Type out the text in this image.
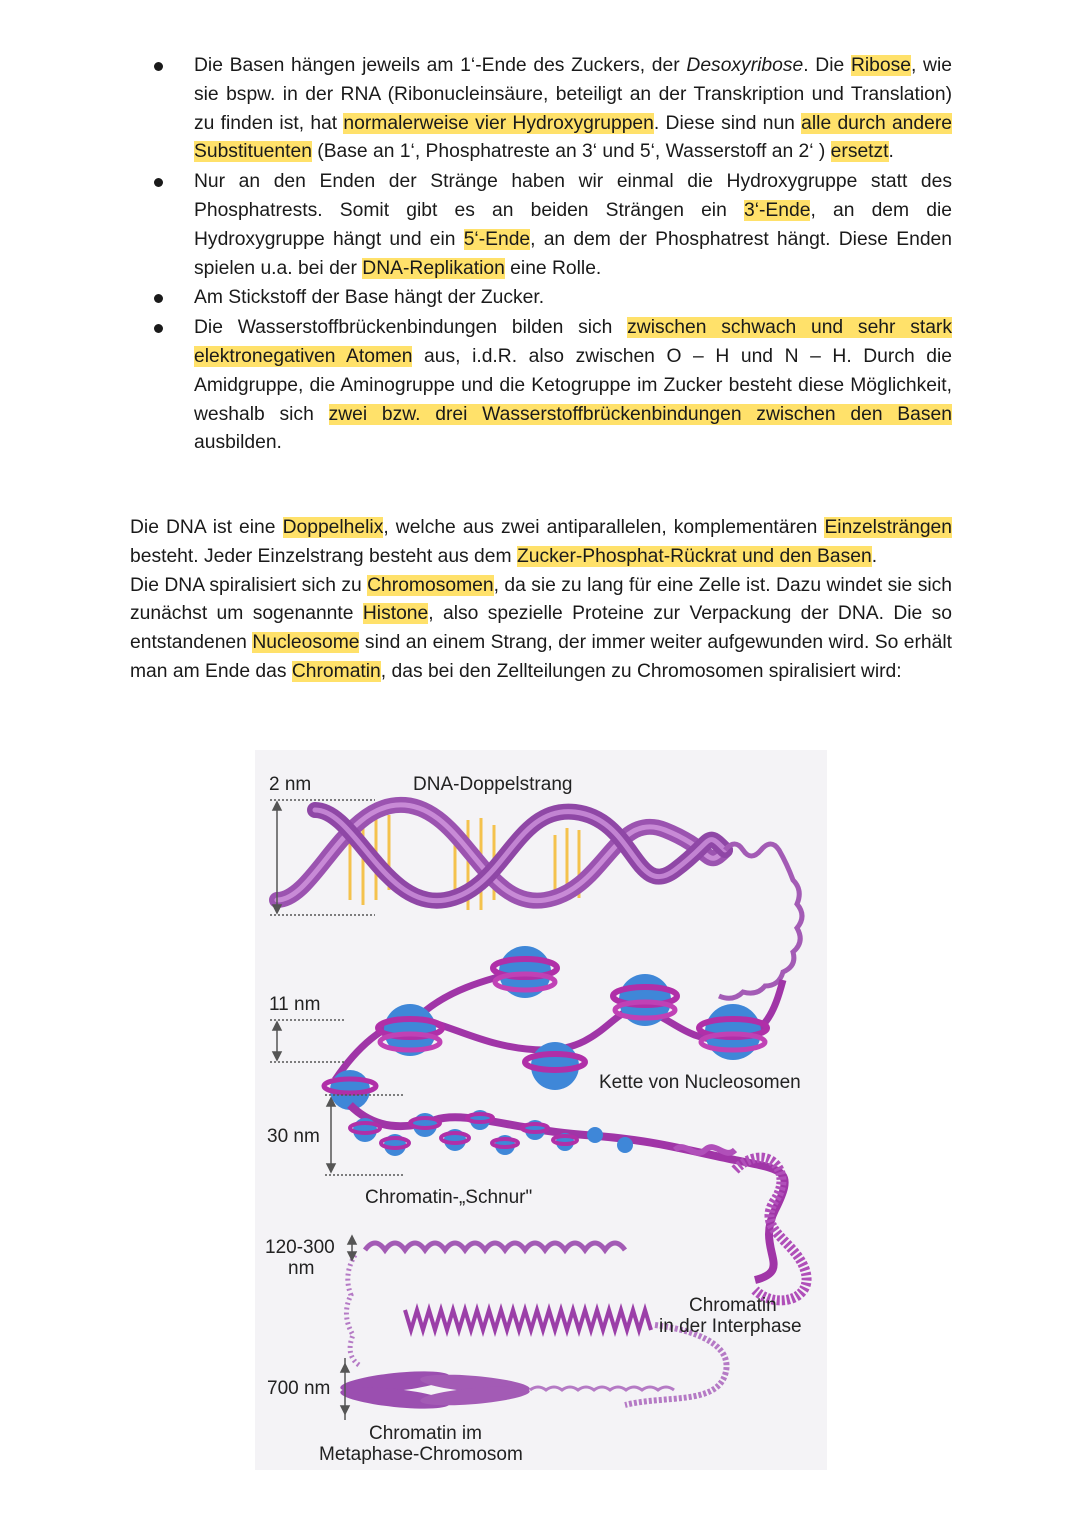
Die Basen hängen jeweils am 1‘-Ende des Zuckers, der Desoxyribose. Die Ribose, wie sie bspw. in der RNA (Ribonucleinsäure, beteiligt an der Transkription und Translation) zu finden ist, hat normalerweise vier Hydroxygruppen. Diese sind nun alle durch andere Substituenten (Base an 1‘, Phosphatreste an 3‘ und 5‘, Wasserstoff an 2‘ ) ersetzt.
Nur an den Enden der Stränge haben wir einmal die Hydroxygruppe statt des Phosphatrests. Somit gibt es an beiden Strängen ein 3‘-Ende, an dem die Hydroxygruppe hängt und ein 5‘-Ende, an dem der Phosphatrest hängt. Diese Enden spielen u.a. bei der DNA-Replikation eine Rolle.
Am Stickstoff der Base hängt der Zucker.
Die Wasserstoffbrückenbindungen bilden sich zwischen schwach und sehr stark elektronegativen Atomen aus, i.d.R. also zwischen O – H und N – H. Durch die Amidgruppe, die Aminogruppe und die Ketogruppe im Zucker besteht diese Möglichkeit, weshalb sich zwei bzw. drei Wasserstoffbrückenbindungen zwischen den Basen ausbilden.

Die DNA ist eine Doppelhelix, welche aus zwei antiparallelen, komplementären Einzelsträngen besteht. Jeder Einzelstrang besteht aus dem Zucker-Phosphat-Rückrat und den Basen.
Die DNA spiralisiert sich zu Chromosomen, da sie zu lang für eine Zelle ist. Dazu windet sie sich zunächst um sogenannte Histone, also spezielle Proteine zur Verpackung der DNA. Die so entstandenen Nucleosome sind an einem Strang, der immer weiter aufgewunden wird. So erhält man am Ende das Chromatin, das bei den Zellteilungen zu Chromosomen spiralisiert wird:

2 nm	DNA-Doppelstrang
11 nm
Kette von Nucleosomen
30 nm
Chromatin-„Schnur"
120-300
nm
Chromatin
in der Interphase
700 nm
Chromatin im
Metaphase-Chromosom
